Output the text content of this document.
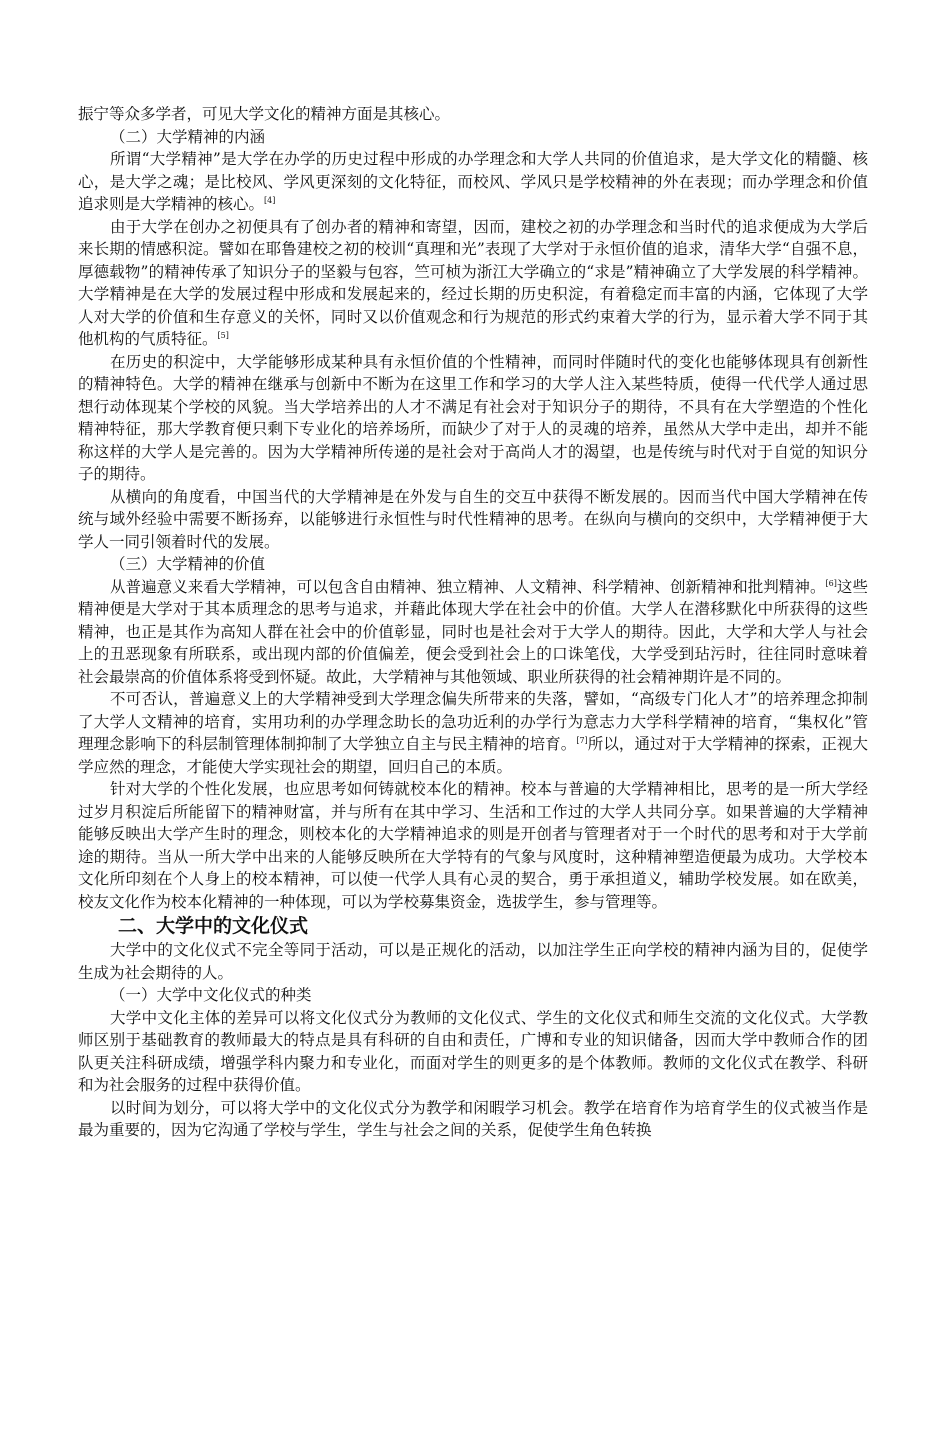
振宁等众多学者，可见大学文化的精神方面是其核心。

（二）大学精神的内涵

所谓“大学精神”是大学在办学的历史过程中形成的办学理念和大学人共同的价值追求，是大学文化的精髓、核心，是大学之魂；是比校风、学风更深刻的文化特征，而校风、学风只是学校精神的外在表现；而办学理念和价值追求则是大学精神的核心。[4]

由于大学在创办之初便具有了创办者的精神和寄望，因而，建校之初的办学理念和当时代的追求便成为大学后来长期的情感积淀。譬如在耶鲁建校之初的校训“真理和光”表现了大学对于永恒价值的追求，清华大学“自强不息，厚德载物”的精神传承了知识分子的坚毅与包容，竺可桢为浙江大学确立的“求是”精神确立了大学发展的科学精神。大学精神是在大学的发展过程中形成和发展起来的，经过长期的历史积淀，有着稳定而丰富的内涵，它体现了大学人对大学的价值和生存意义的关怀，同时又以价值观念和行为规范的形式约束着大学的行为，显示着大学不同于其他机构的气质特征。[5]

在历史的积淀中，大学能够形成某种具有永恒价值的个性精神，而同时伴随时代的变化也能够体现具有创新性的精神特色。大学的精神在继承与创新中不断为在这里工作和学习的大学人注入某些特质，使得一代代学人通过思想行动体现某个学校的风貌。当大学培养出的人才不满足有社会对于知识分子的期待，不具有在大学塑造的个性化精神特征，那大学教育便只剩下专业化的培养场所，而缺少了对于人的灵魂的培养，虽然从大学中走出，却并不能称这样的大学人是完善的。因为大学精神所传递的是社会对于高尚人才的渴望，也是传统与时代对于自觉的知识分子的期待。

从横向的角度看，中国当代的大学精神是在外发与自生的交互中获得不断发展的。因而当代中国大学精神在传统与域外经验中需要不断扬弃，以能够进行永恒性与时代性精神的思考。在纵向与横向的交织中，大学精神便于大学人一同引领着时代的发展。

（三）大学精神的价值

从普遍意义来看大学精神，可以包含自由精神、独立精神、人文精神、科学精神、创新精神和批判精神。[6]这些精神便是大学对于其本质理念的思考与追求，并藉此体现大学在社会中的价值。大学人在潜移默化中所获得的这些精神，也正是其作为高知人群在社会中的价值彰显，同时也是社会对于大学人的期待。因此，大学和大学人与社会上的丑恶现象有所联系，或出现内部的价值偏差，便会受到社会上的口诛笔伐，大学受到玷污时，往往同时意味着社会最崇高的价值体系将受到怀疑。故此，大学精神与其他领域、职业所获得的社会精神期许是不同的。

不可否认，普遍意义上的大学精神受到大学理念偏失所带来的失落，譬如，“高级专门化人才”的培养理念抑制了大学人文精神的培育，实用功利的办学理念助长的急功近利的办学行为意志力大学科学精神的培育，“集权化”管理理念影响下的科层制管理体制抑制了大学独立自主与民主精神的培育。[7]所以，通过对于大学精神的探索，正视大学应然的理念，才能使大学实现社会的期望，回归自己的本质。

针对大学的个性化发展，也应思考如何铸就校本化的精神。校本与普遍的大学精神相比，思考的是一所大学经过岁月积淀后所能留下的精神财富，并与所有在其中学习、生活和工作过的大学人共同分享。如果普遍的大学精神能够反映出大学产生时的理念，则校本化的大学精神追求的则是开创者与管理者对于一个时代的思考和对于大学前途的期待。当从一所大学中出来的人能够反映所在大学特有的气象与风度时，这种精神塑造便最为成功。大学校本文化所印刻在个人身上的校本精神，可以使一代学人具有心灵的契合，勇于承担道义，辅助学校发展。如在欧美，校友文化作为校本化精神的一种体现，可以为学校募集资金，选拔学生，参与管理等。

二、大学中的文化仪式

大学中的文化仪式不完全等同于活动，可以是正规化的活动，以加注学生正向学校的精神内涵为目的，促使学生成为社会期待的人。

（一）大学中文化仪式的种类

大学中文化主体的差异可以将文化仪式分为教师的文化仪式、学生的文化仪式和师生交流的文化仪式。大学教师区别于基础教育的教师最大的特点是具有科研的自由和责任，广博和专业的知识储备，因而大学中教师合作的团队更关注科研成绩，增强学科内聚力和专业化，而面对学生的则更多的是个体教师。教师的文化仪式在教学、科研和为社会服务的过程中获得价值。

以时间为划分，可以将大学中的文化仪式分为教学和闲暇学习机会。教学在培育作为培育学生的仪式被当作是最为重要的，因为它沟通了学校与学生，学生与社会之间的关系，促使学生角色转换
